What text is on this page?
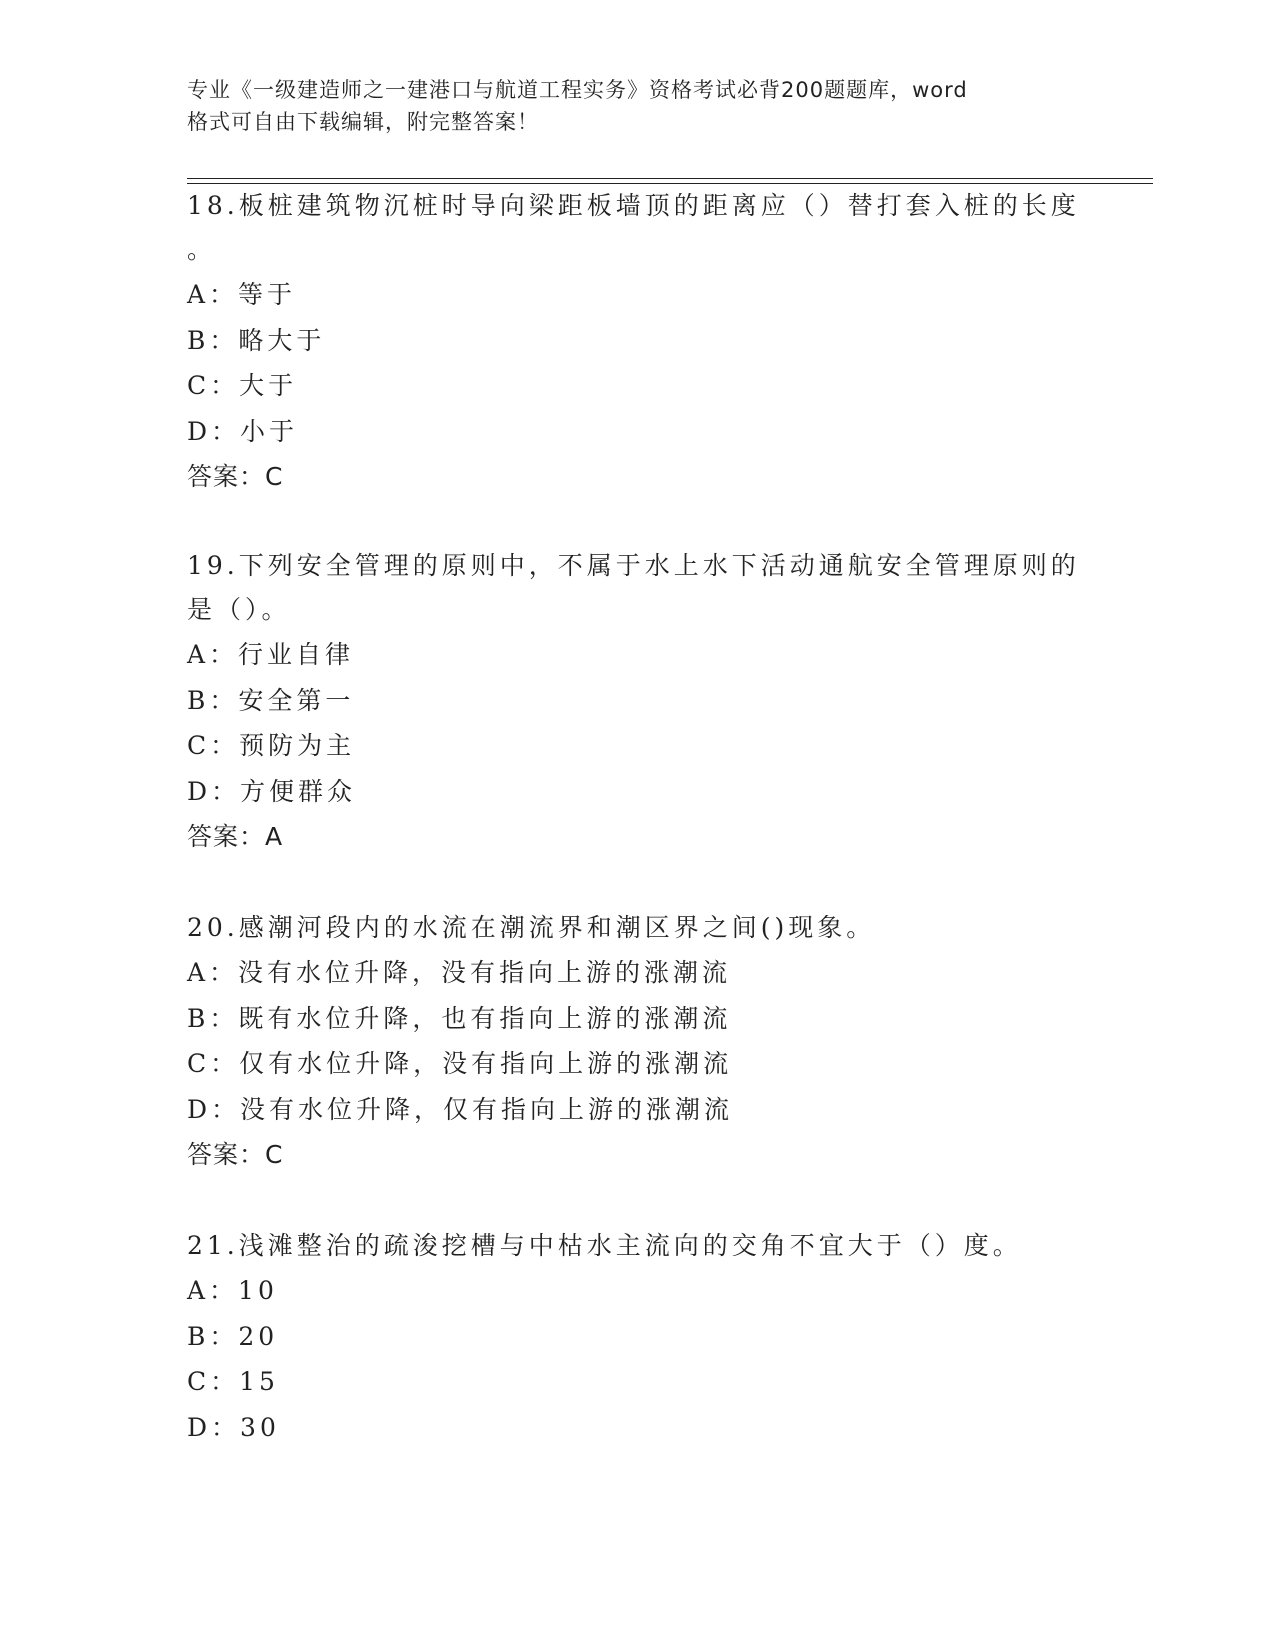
专业《一级建造师之一建港口与航道工程实务》资格考试必背200题题库，word
格式可自由下载编辑，附完整答案！
18.板桩建筑物沉桩时导向梁距板墙顶的距离应（）替打套入桩的长度
。
A：等于
B：略大于
C：大于
D：小于
答案：C
19.下列安全管理的原则中，不属于水上水下活动通航安全管理原则的
是（）。
A：行业自律
B：安全第一
C：预防为主
D：方便群众
答案：A
20.感潮河段内的水流在潮流界和潮区界之间()现象。
A：没有水位升降，没有指向上游的涨潮流
B：既有水位升降，也有指向上游的涨潮流
C：仅有水位升降，没有指向上游的涨潮流
D：没有水位升降，仅有指向上游的涨潮流
答案：C
21.浅滩整治的疏浚挖槽与中枯水主流向的交角不宜大于（）度。
A：10
B：20
C：15
D：30
